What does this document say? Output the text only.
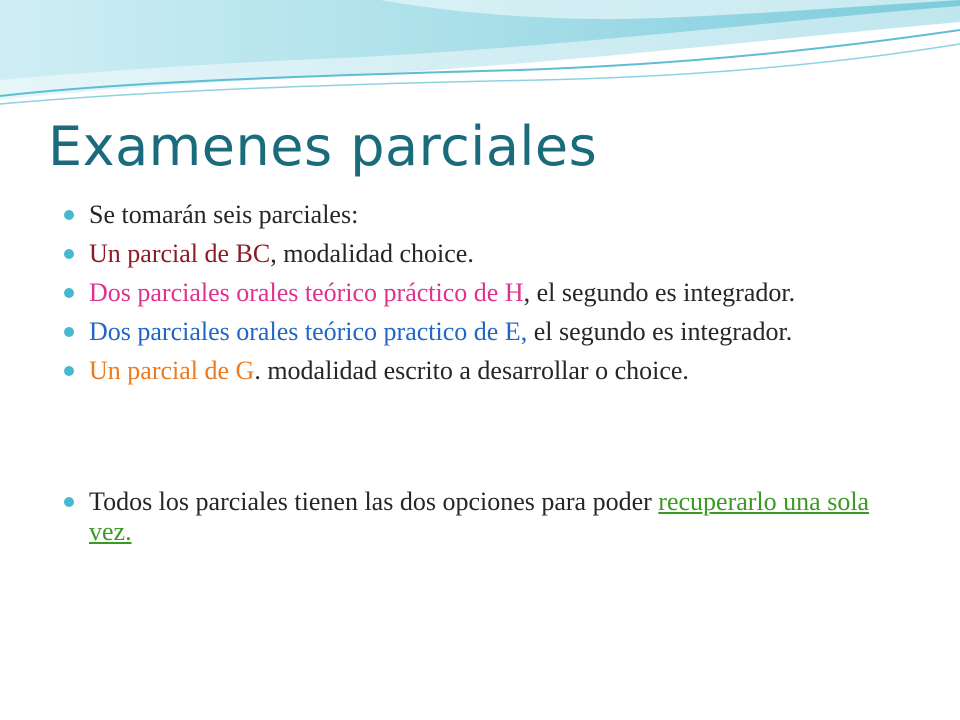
Examenes parciales
Se tomarán seis parciales:
Un parcial de BC, modalidad choice.
Dos parciales orales teórico práctico de H, el segundo es integrador.
Dos parciales orales teórico practico de E, el segundo es integrador.
Un parcial de G. modalidad escrito a desarrollar o choice.
Todos los parciales tienen las dos opciones para poder recuperarlo una sola vez.
